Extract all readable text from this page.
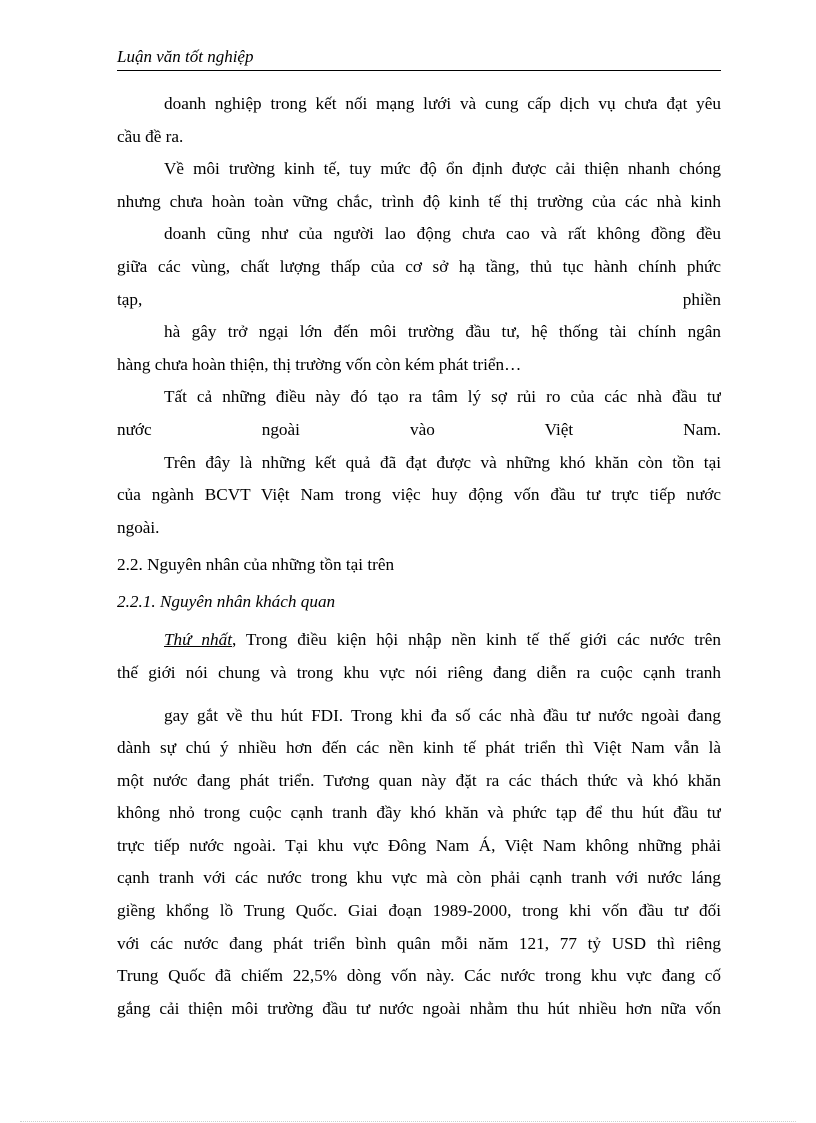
Luận văn tốt nghiệp
doanh nghiệp trong kết nối mạng lưới và cung cấp dịch vụ chưa đạt yêu
cầu đề ra.
Về môi trường kinh tế, tuy mức độ ổn định được cải thiện nhanh chóng
nhưng chưa hoàn toàn vững chắc, trình độ kinh tế thị trường của các nhà kinh
doanh cũng như của người lao động chưa cao và rất không đồng đều
giữa các vùng, chất lượng thấp của cơ sở hạ tầng, thủ tục hành chính phức
tạp, phiền
hà gây trở ngại lớn đến môi trường đầu tư, hệ thống tài chính ngân
hàng chưa hoàn thiện, thị trường vốn còn kém phát triển…
Tất cả những điều này đó tạo ra tâm lý sợ rủi ro của các nhà đầu tư
nước ngoài vào Việt Nam.
Trên đây là những kết quả đã đạt được và những khó khăn còn tồn tại
của ngành BCVT Việt Nam trong việc huy động vốn đầu tư trực tiếp nước
ngoài.
2.2. Nguyên nhân của những tồn tại trên
2.2.1. Nguyên nhân khách quan
Thứ nhất, Trong điều kiện hội nhập nền kinh tế thế giới các nước trên
thế giới nói chung và trong khu vực nói riêng đang diễn ra cuộc cạnh tranh
gay gắt về thu hút FDI. Trong khi đa số các nhà đầu tư nước ngoài đang
dành sự chú ý nhiều hơn đến các nền kinh tế phát triển thì Việt Nam vẫn là
một nước đang phát triển. Tương quan này đặt ra các thách thức và khó khăn
không nhỏ trong cuộc cạnh tranh đầy khó khăn và phức tạp để thu hút đầu tư
trực tiếp nước ngoài. Tại khu vực Đông Nam Á, Việt Nam không những phải
cạnh tranh với các nước trong khu vực mà còn phải cạnh tranh với nước láng
giềng khổng lồ Trung Quốc. Giai đoạn 1989-2000, trong khi vốn đầu tư đối
với các nước đang phát triển bình quân mỗi năm 121, 77 tỷ USD thì riêng
Trung Quốc đã chiếm 22,5% dòng vốn này. Các nước trong khu vực đang cố
gắng cải thiện môi trường đầu tư nước ngoài nhằm thu hút nhiều hơn nữa vốn
